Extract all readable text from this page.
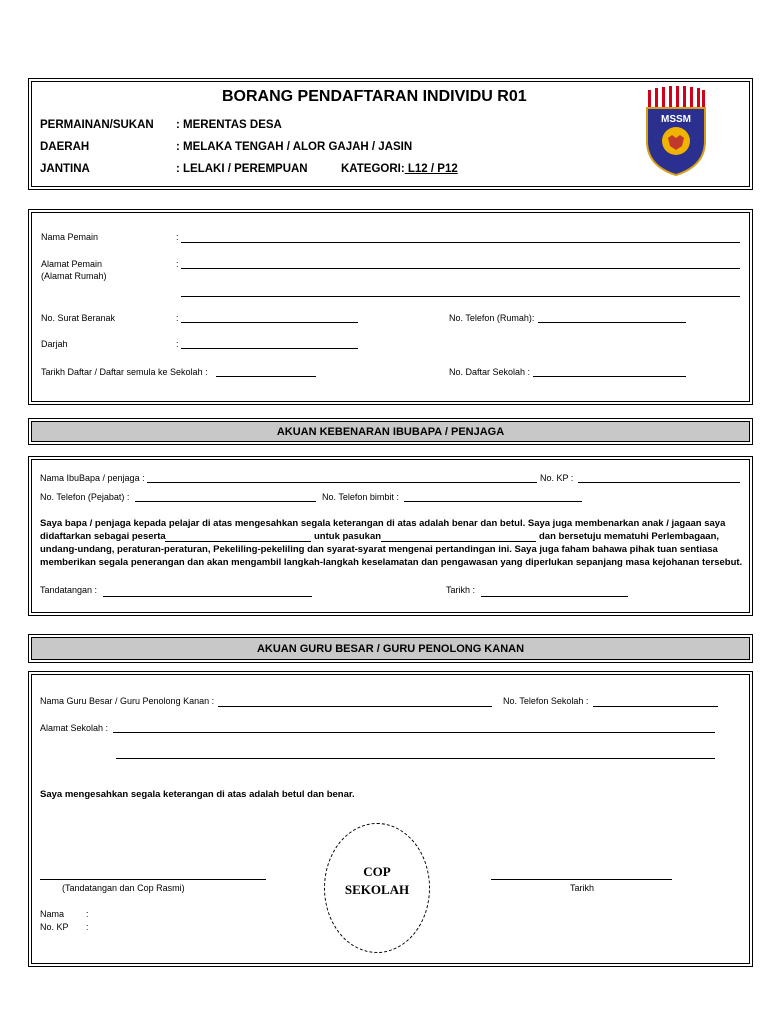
BORANG PENDAFTARAN INDIVIDU R01
PERMAINAN/SUKAN : MERENTAS DESA
DAERAH	: MELAKA TENGAH / ALOR GAJAH / JASIN
JANTINA	: LELAKI / PEREMPUAN	KATEGORI: L12 / P12
MSSM
Nama Pemain	:
Alamat Pemain
(Alamat Rumah)
:
No. Surat Beranak	:	No. Telefon (Rumah):
Darjah	:
Tarikh Daftar / Daftar semula ke Sekolah :	No. Daftar Sekolah :
AKUAN KEBENARAN IBUBAPA / PENJAGA
Nama IbuBapa / penjaga :	No. KP :
No. Telefon (Pejabat) :	No. Telefon bimbit :
Saya bapa / penjaga kepada pelajar di atas mengesahkan segala keterangan di atas adalah benar dan betul. Saya juga membenarkan anak / jagaan saya
didaftarkan sebagai peserta	untuk pasukan	dan bersetuju mematuhi Perlembagaan,
undang-undang, peraturan-peraturan, Pekeliling-pekeliling dan syarat-syarat mengenai pertandingan ini. Saya juga faham bahawa pihak tuan sentiasa
memberikan segala penerangan dan akan mengambil langkah-langkah keselamatan dan pengawasan yang diperlukan sepanjang masa kejohanan tersebut.
Tandatangan :	Tarikh :
AKUAN GURU BESAR / GURU PENOLONG KANAN
Nama Guru Besar / Guru Penolong Kanan :	No. Telefon Sekolah :
Alamat Sekolah :
Saya mengesahkan segala keterangan di atas adalah betul dan benar.
COP
SEKOLAH
(Tandatangan dan Cop Rasmi)	Tarikh
Nama :
No. KP :
